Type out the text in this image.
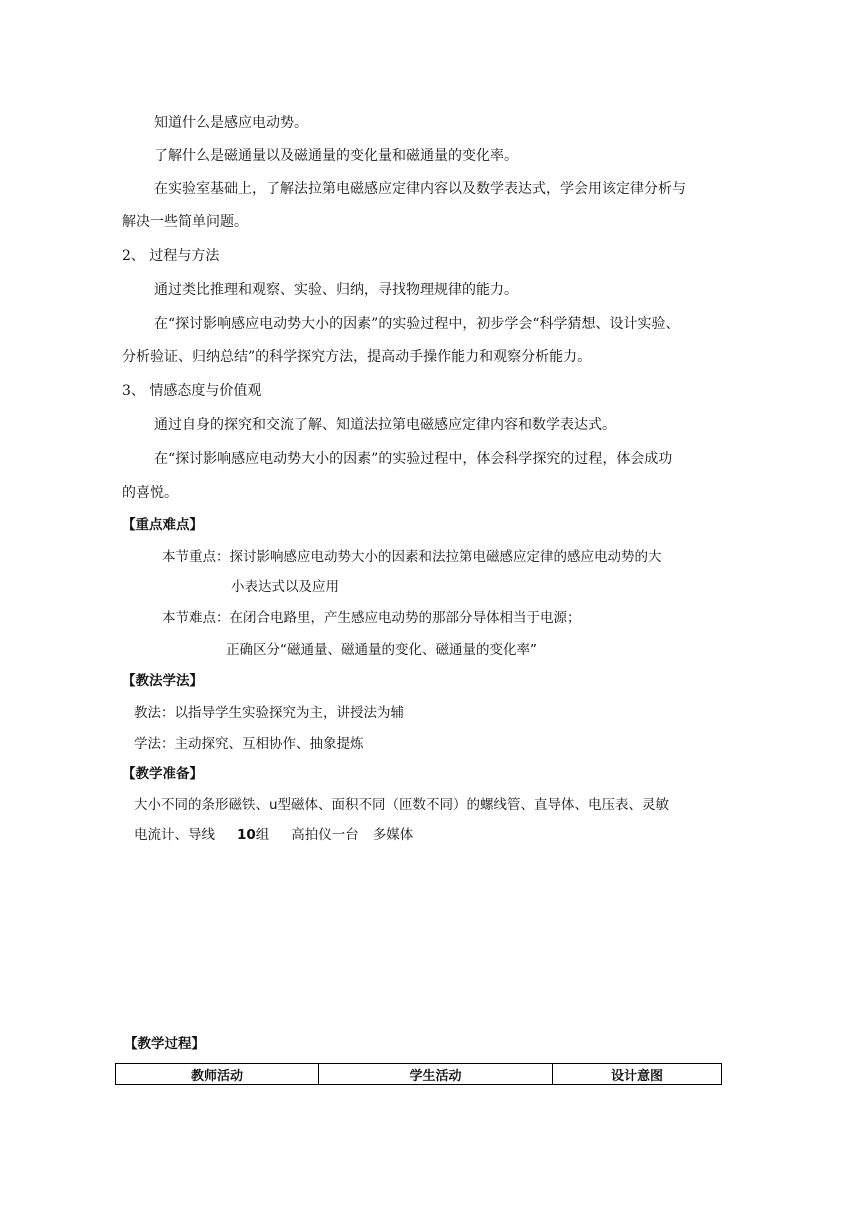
知道什么是感应电动势。
了解什么是磁通量以及磁通量的变化量和磁通量的变化率。
在实验室基础上，了解法拉第电磁感应定律内容以及数学表达式，学会用该定律分析与
解决一些简单问题。
2、 过程与方法
通过类比推理和观察、实验、归纳，寻找物理规律的能力。
在“探讨影响感应电动势大小的因素”的实验过程中，初步学会“科学猜想、设计实验、
分析验证、归纳总结”的科学探究方法，提高动手操作能力和观察分析能力。
3、 情感态度与价值观
通过自身的探究和交流了解、知道法拉第电磁感应定律内容和数学表达式。
在“探讨影响感应电动势大小的因素”的实验过程中，体会科学探究的过程，体会成功
的喜悦。
【重点难点】
本节重点：探讨影响感应电动势大小的因素和法拉第电磁感应定律的感应电动势的大
小表达式以及应用
本节难点：在闭合电路里，产生感应电动势的那部分导体相当于电源；
正确区分“磁通量、磁通量的变化、磁通量的变化率”
【教法学法】
教法：以指导学生实验探究为主，讲授法为辅
学法：主动探究、互相协作、抽象提炼
【教学准备】
大小不同的条形磁铁、u型磁体、面积不同（匝数不同）的螺线管、直导体、电压表、灵敏
电流计、导线 10组 高拍仪一台 多媒体
【教学过程】
教师活动	学生活动	设计意图
